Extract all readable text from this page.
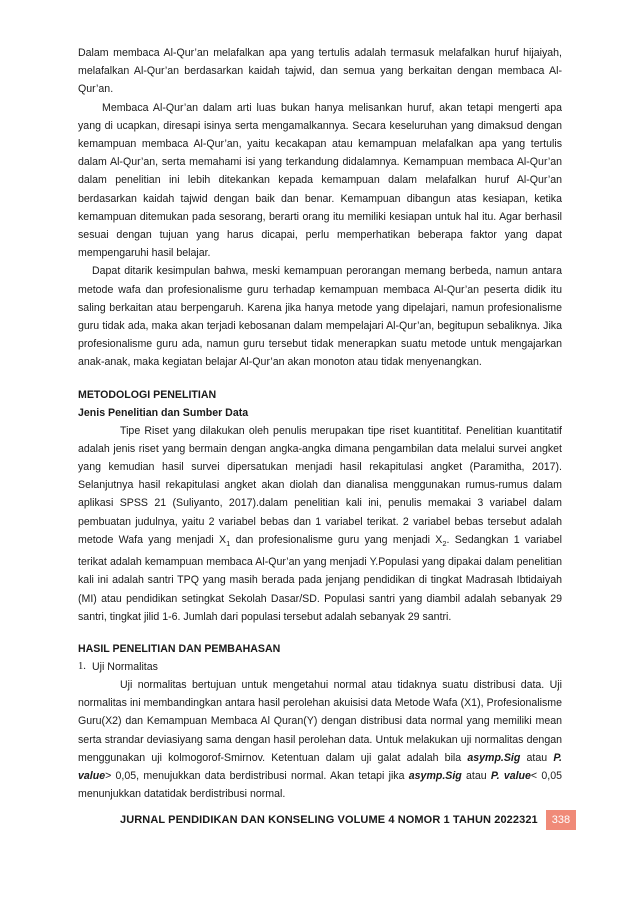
Dalam membaca Al-Qur’an melafalkan apa yang tertulis adalah termasuk melafalkan huruf hijaiyah, melafalkan Al-Qur’an berdasarkan kaidah tajwid, dan semua yang berkaitan dengan membaca Al-Qur’an.

Membaca Al-Qur’an dalam arti luas bukan hanya melisankan huruf, akan tetapi mengerti apa yang di ucapkan, diresapi isinya serta mengamalkannya. Secara keseluruhan yang dimaksud dengan kemampuan membaca Al-Qur’an, yaitu kecakapan atau kemampuan melafalkan apa yang tertulis dalam Al-Qur’an, serta memahami isi yang terkandung didalamnya. Kemampuan membaca Al-Qur’an dalam penelitian ini lebih ditekankan kepada kemampuan dalam melafalkan huruf Al-Qur’an berdasarkan kaidah tajwid dengan baik dan benar. Kemampuan dibangun atas kesiapan, ketika kemampuan ditemukan pada sesorang, berarti orang itu memiliki kesiapan untuk hal itu. Agar berhasil sesuai dengan tujuan yang harus dicapai, perlu memperhatikan beberapa faktor yang dapat mempengaruhi hasil belajar.

Dapat ditarik kesimpulan bahwa, meski kemampuan perorangan memang berbeda, namun antara metode wafa dan profesionalisme guru terhadap kemampuan membaca Al-Qur’an peserta didik itu saling berkaitan atau berpengaruh. Karena jika hanya metode yang dipelajari, namun profesionalisme guru tidak ada, maka akan terjadi kebosanan dalam mempelajari Al-Qur’an, begitupun sebaliknya. Jika profesionalisme guru ada, namun guru tersebut tidak menerapkan suatu metode untuk mengajarkan anak-anak, maka kegiatan belajar Al-Qur’an akan monoton atau tidak menyenangkan.

METODOLOGI PENELITIAN
Jenis Penelitian dan Sumber Data

Tipe Riset yang dilakukan oleh penulis merupakan tipe riset kuantititaf. Penelitian kuantitatif adalah jenis riset yang bermain dengan angka-angka dimana pengambilan data melalui survei angket yang kemudian hasil survei dipersatukan menjadi hasil rekapitulasi angket (Paramitha, 2017). Selanjutnya hasil rekapitulasi angket akan diolah dan dianalisa menggunakan rumus-rumus dalam aplikasi SPSS 21 (Suliyanto, 2017).dalam penelitian kali ini, penulis memakai 3 variabel dalam pembuatan judulnya, yaitu 2 variabel bebas dan 1 variabel terikat. 2 variabel bebas tersebut adalah metode Wafa yang menjadi $X_1$ dan profesionalisme guru yang menjadi $X_2$. Sedangkan 1 variabel terikat adalah kemampuan membaca Al-Qur’an yang menjadi Y.Populasi yang dipakai dalam penelitian kali ini adalah santri TPQ yang masih berada pada jenjang pendidikan di tingkat Madrasah Ibtidaiyah (MI) atau pendidikan setingkat Sekolah Dasar/SD. Populasi santri yang diambil adalah sebanyak 29 santri, tingkat jilid 1-6. Jumlah dari populasi tersebut adalah sebanyak 29 santri.

HASIL PENELITIAN DAN PEMBAHASAN
1. Uji Normalitas

Uji normalitas bertujuan untuk mengetahui normal atau tidaknya suatu distribusi data. Uji normalitas ini membandingkan antara hasil perolehan akuisisi data Metode Wafa (X1), Profesionalisme Guru(X2) dan Kemampuan Membaca Al Quran(Y) dengan distribusi data normal yang memiliki mean serta strandar deviasiyang sama dengan hasil perolehan data. Untuk melakukan uji normalitas dengan menggunakan uji kolmogorof-Smirnov. Ketentuan dalam uji galat adalah bila asymp.Sig atau P. value> 0,05, menujukkan data berdistribusi normal. Akan tetapi jika asymp.Sig atau P. value< 0,05 menunjukkan datatidak berdistribusi normal.

JURNAL PENDIDIKAN DAN KONSELING VOLUME 4 NOMOR 1 TAHUN 2022321	338
